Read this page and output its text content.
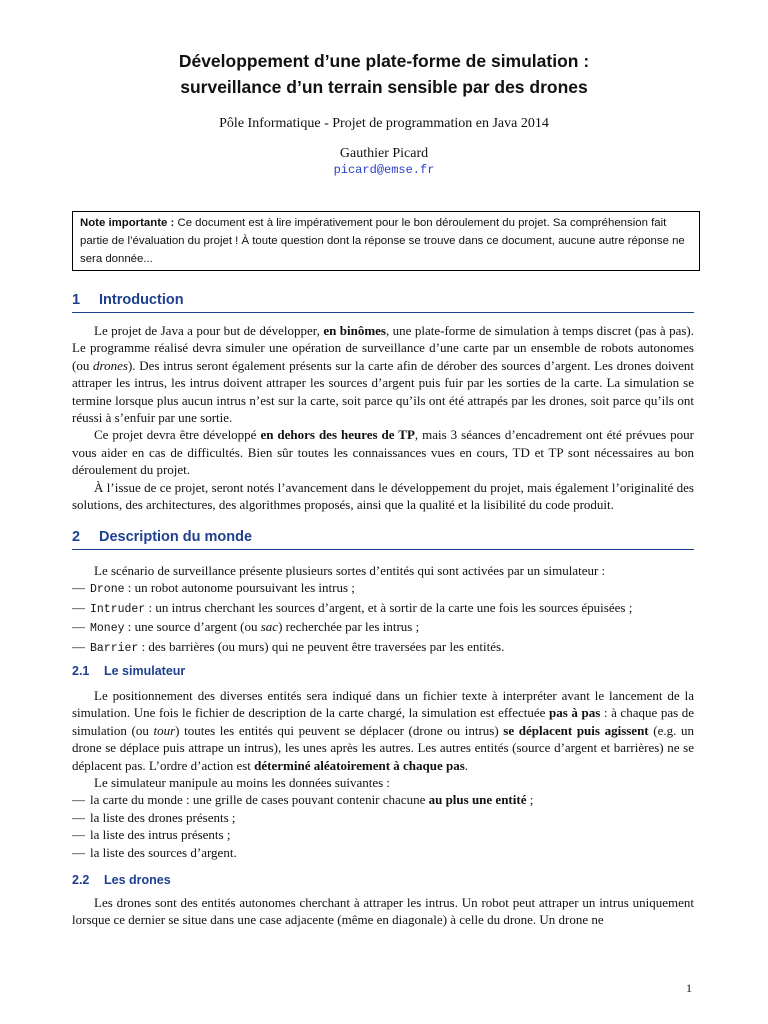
Développement d’une plate-forme de simulation :
surveillance d’un terrain sensible par des drones
Pôle Informatique - Projet de programmation en Java 2014
Gauthier Picard
picard@emse.fr
Note importante : Ce document est à lire impérativement pour le bon déroulement du projet. Sa compréhension fait partie de l’évaluation du projet ! À toute question dont la réponse se trouve dans ce document, aucune autre réponse ne sera donnée...
1 Introduction

Le projet de Java a pour but de développer, en binômes, une plate-forme de simulation à temps discret (pas à pas). Le programme réalisé devra simuler une opération de surveillance d’une carte par un ensemble de robots autonomes (ou drones). Des intrus seront également présents sur la carte afin de dérober des sources d’argent. Les drones doivent attraper les intrus, les intrus doivent attraper les sources d’argent puis fuir par les sorties de la carte. La simulation se termine lorsque plus aucun intrus n’est sur la carte, soit parce qu’ils ont été attrapés par les drones, soit parce qu’ils ont réussi à s’enfuir par une sortie.

Ce projet devra être développé en dehors des heures de TP, mais 3 séances d’encadrement ont été prévues pour vous aider en cas de difficultés. Bien sûr toutes les connaissances vues en cours, TD et TP sont nécessaires au bon déroulement du projet.

À l’issue de ce projet, seront notés l’avancement dans le développement du projet, mais également l’originalité des solutions, des architectures, des algorithmes proposés, ainsi que la qualité et la lisibilité du code produit.

2 Description du monde

Le scénario de surveillance présente plusieurs sortes d’entités qui sont activées par un simulateur :

— Drone : un robot autonome poursuivant les intrus ;
— Intruder : un intrus cherchant les sources d’argent, et à sortir de la carte une fois les sources épuisées ;
— Money : une source d’argent (ou sac) recherchée par les intrus ;
— Barrier : des barrières (ou murs) qui ne peuvent être traversées par les entités.
2.1 Le simulateur

Le positionnement des diverses entités sera indiqué dans un fichier texte à interpréter avant le lancement de la simulation. Une fois le fichier de description de la carte chargé, la simulation est effectuée pas à pas : à chaque pas de simulation (ou tour) toutes les entités qui peuvent se déplacer (drone ou intrus) se déplacent puis agissent (e.g. un drone se déplace puis attrape un intrus), les unes après les autres. Les autres entités (source d’argent et barrières) ne se déplacent pas. L’ordre d’action est déterminé aléatoirement à chaque pas.

Le simulateur manipule au moins les données suivantes :

— la carte du monde : une grille de cases pouvant contenir chacune au plus une entité ;
— la liste des drones présents ;
— la liste des intrus présents ;
— la liste des sources d’argent.
2.2 Les drones

Les drones sont des entités autonomes cherchant à attraper les intrus. Un robot peut attraper un intrus uniquement lorsque ce dernier se situe dans une case adjacente (même en diagonale) à celle du drone. Un drone ne

1
